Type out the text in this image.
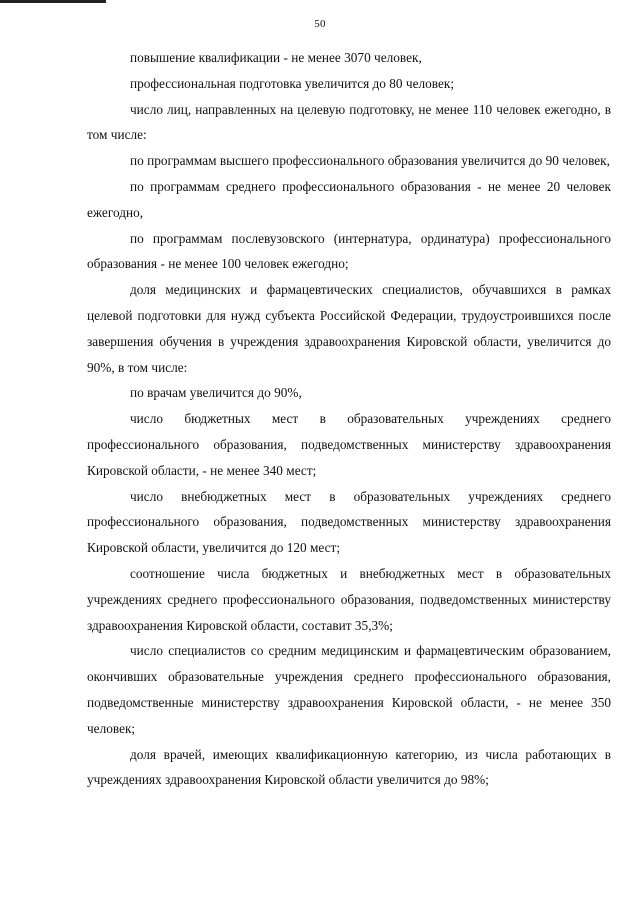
50

повышение квалификации - не менее 3070 человек,

профессиональная подготовка увеличится до 80 человек;

число лиц, направленных на целевую подготовку, не менее 110 человек ежегодно, в том числе:

по программам высшего профессионального образования увеличится до 90 человек,

по программам среднего профессионального образования - не менее 20 человек ежегодно,

по программам послевузовского (интернатура, ординатура) профессионального образования - не менее 100 человек ежегодно;

доля медицинских и фармацевтических специалистов, обучавшихся в рамках целевой подготовки для нужд субъекта Российской Федерации, трудоустроившихся после завершения обучения в учреждения здравоохранения Кировской области, увеличится до 90%, в том числе:

по врачам увеличится до 90%,

число бюджетных мест в образовательных учреждениях среднего профессионального образования, подведомственных министерству здравоохранения Кировской области, - не менее 340 мест;

число внебюджетных мест в образовательных учреждениях среднего профессионального образования, подведомственных министерству здравоохранения Кировской области, увеличится до 120 мест;

соотношение числа бюджетных и внебюджетных мест в образовательных учреждениях среднего профессионального образования, подведомственных министерству здравоохранения Кировской области, составит 35,3%;

число специалистов со средним медицинским и фармацевтическим образованием, окончивших образовательные учреждения среднего профессионального образования, подведомственные министерству здравоохранения Кировской области, - не менее 350 человек;

доля врачей, имеющих квалификационную категорию, из числа работающих в учреждениях здравоохранения Кировской области увеличится до 98%;
